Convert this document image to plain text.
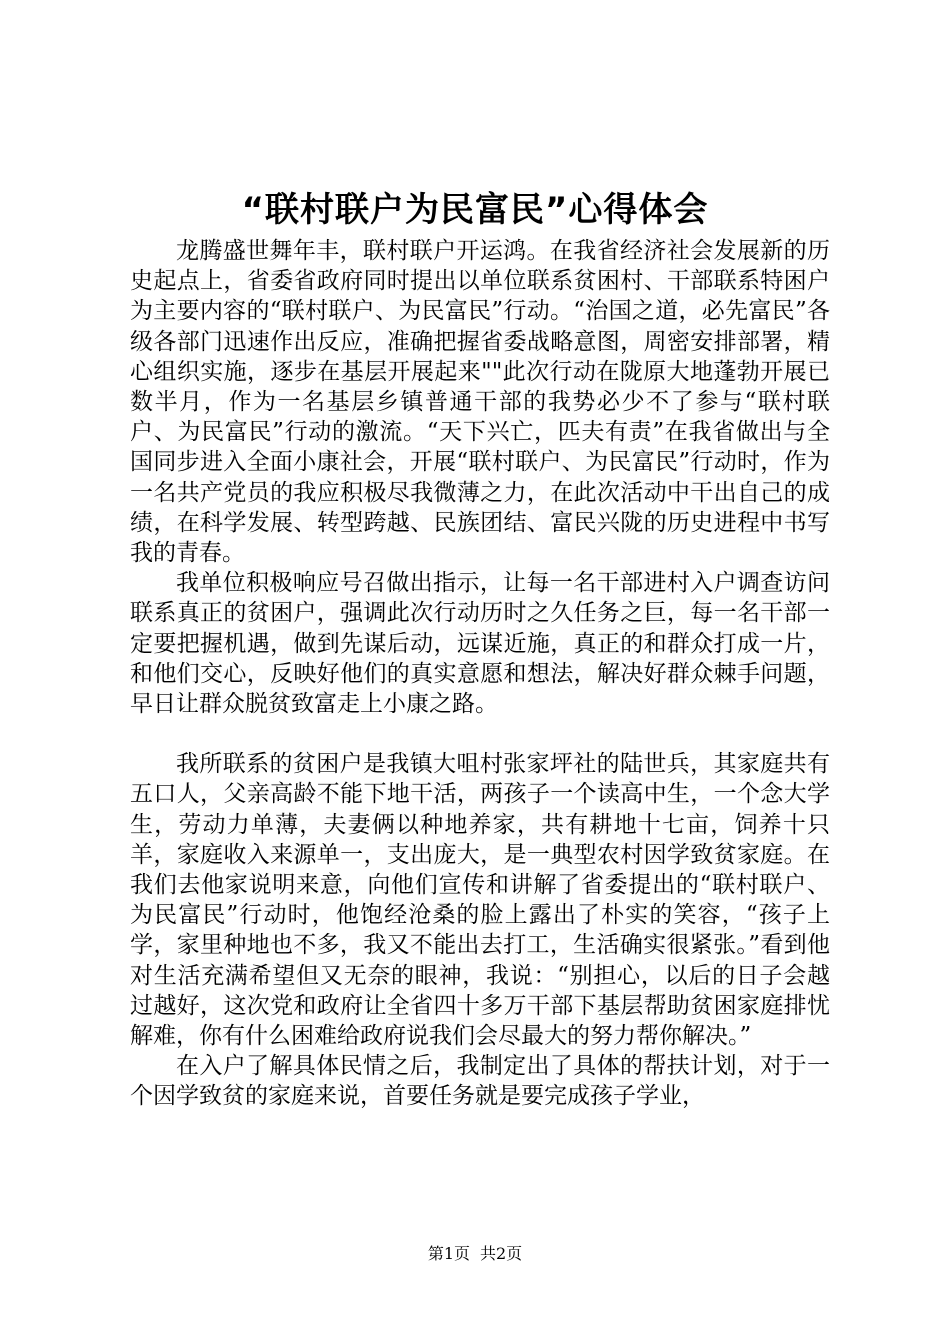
“联村联户为民富民”心得体会

龙腾盛世舞年丰，联村联户开运鸿。在我省经济社会发展新的历史起点上，省委省政府同时提出以单位联系贫困村、干部联系特困户为主要内容的“联村联户、为民富民”行动。“治国之道，必先富民”各级各部门迅速作出反应，准确把握省委战略意图，周密安排部署，精心组织实施，逐步在基层开展起来""此次行动在陇原大地蓬勃开展已数半月，作为一名基层乡镇普通干部的我势必少不了参与“联村联户、为民富民”行动的激流。“天下兴亡，匹夫有责”在我省做出与全国同步进入全面小康社会，开展“联村联户、为民富民”行动时，作为一名共产党员的我应积极尽我微薄之力，在此次活动中干出自己的成绩，在科学发展、转型跨越、民族团结、富民兴陇的历史进程中书写我的青春。

我单位积极响应号召做出指示，让每一名干部进村入户调查访问联系真正的贫困户，强调此次行动历时之久任务之巨，每一名干部一定要把握机遇，做到先谋后动，远谋近施，真正的和群众打成一片，和他们交心，反映好他们的真实意愿和想法，解决好群众棘手问题，早日让群众脱贫致富走上小康之路。

我所联系的贫困户是我镇大咀村张家坪社的陆世兵，其家庭共有五口人，父亲高龄不能下地干活，两孩子一个读高中生，一个念大学生，劳动力单薄，夫妻俩以种地养家，共有耕地十七亩，饲养十只羊，家庭收入来源单一，支出庞大，是一典型农村因学致贫家庭。在我们去他家说明来意，向他们宣传和讲解了省委提出的“联村联户、为民富民”行动时，他饱经沧桑的脸上露出了朴实的笑容，“孩子上学，家里种地也不多，我又不能出去打工，生活确实很紧张。”看到他对生活充满希望但又无奈的眼神，我说：“别担心，以后的日子会越过越好，这次党和政府让全省四十多万干部下基层帮助贫困家庭排忧解难，你有什么困难给政府说我们会尽最大的努力帮你解决。”

在入户了解具体民情之后，我制定出了具体的帮扶计划，对于一个因学致贫的家庭来说，首要任务就是要完成孩子学业，

第1页 共2页
